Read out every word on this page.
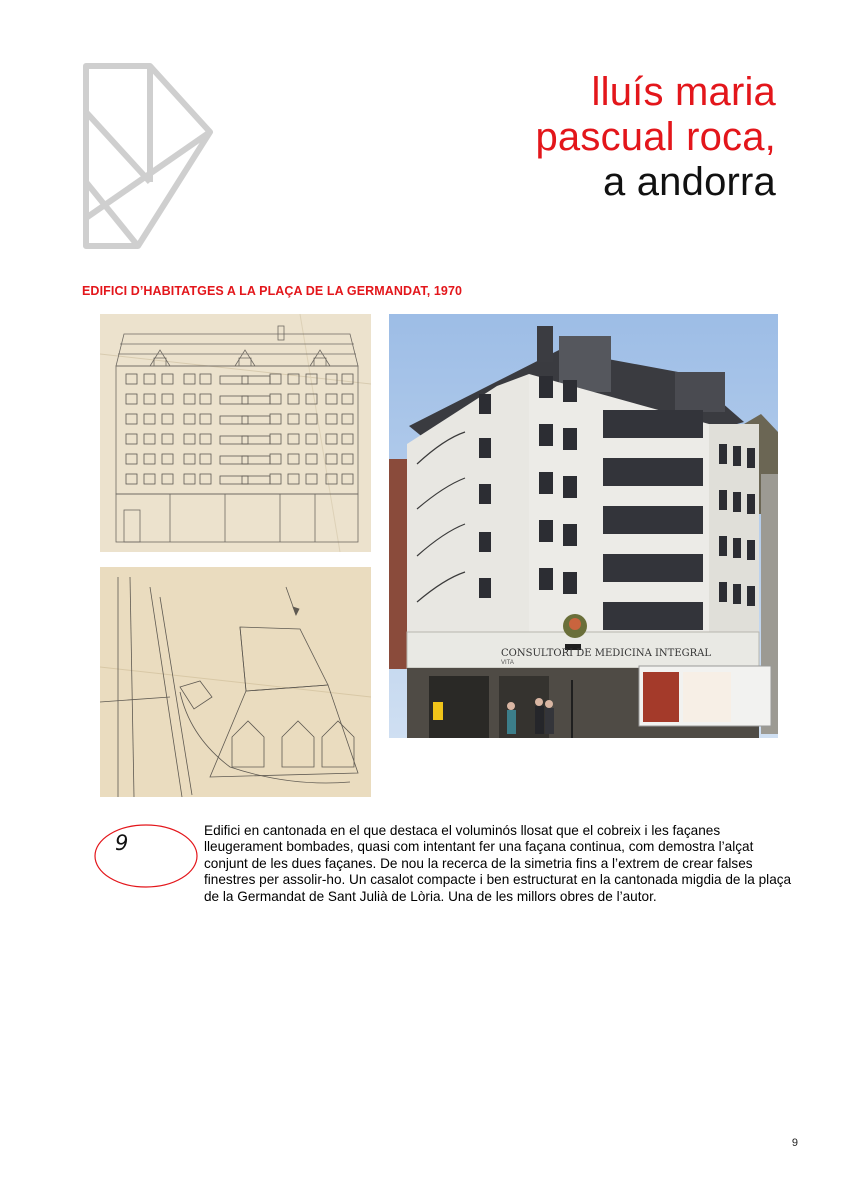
lluís maria
pascual roca,
a andorra
EDIFICI D’HABITATGES A LA PLAÇA DE LA GERMANDAT, 1970
CONSULTORI DE MEDICINA INTEGRAL
VITA
9

Edifici en cantonada en el que destaca el voluminós llosat que el cobreix i les façanes lleugerament bombades, quasi com intentant fer una façana continua, com demostra l’alçat conjunt de les dues façanes. De nou la recerca de la simetria fins a l’extrem de crear falses finestres per assolir-ho. Un casalot compacte i ben estructurat en la cantonada migdia de la plaça de la Germandat de Sant Julià de Lòria. Una de les millors obres de l’autor.

9
